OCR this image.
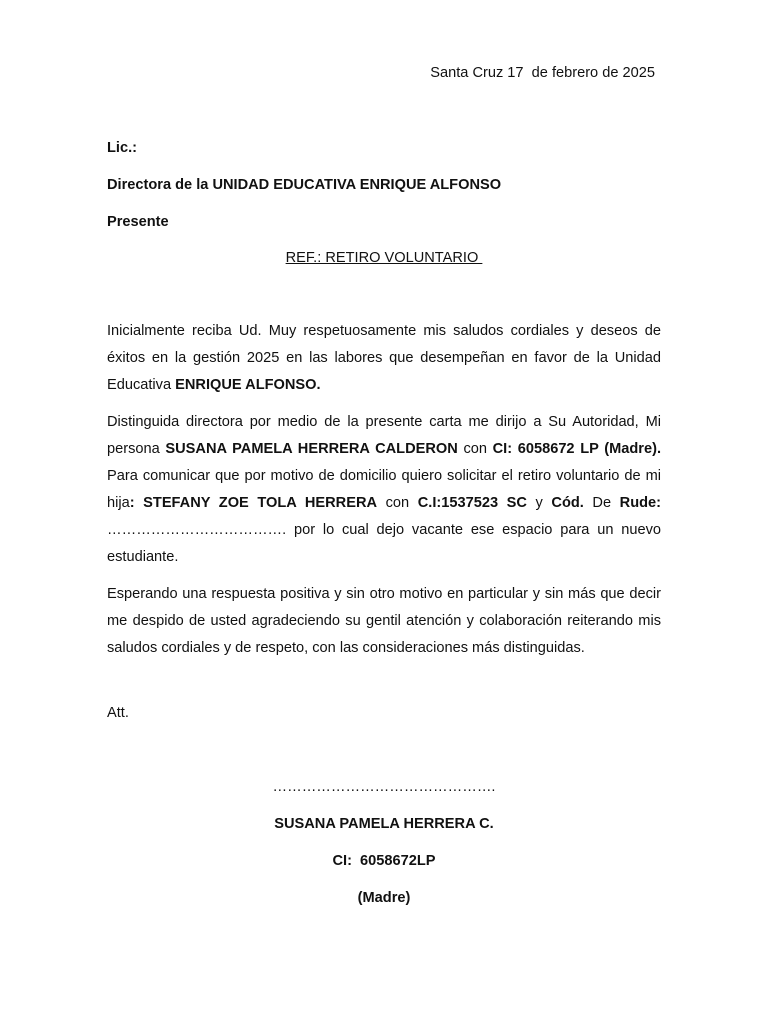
Santa Cruz 17  de febrero de 2025
Lic.:
Directora de la UNIDAD EDUCATIVA ENRIQUE ALFONSO
Presente
REF.: RETIRO VOLUNTARIO
Inicialmente reciba Ud. Muy respetuosamente mis saludos cordiales y deseos de éxitos en la gestión 2025 en las labores que desempeñan en favor de la Unidad Educativa ENRIQUE ALFONSO.
Distinguida directora por medio de la presente carta me dirijo a Su Autoridad, Mi persona SUSANA PAMELA HERRERA CALDERON con CI: 6058672 LP (Madre). Para comunicar que por motivo de domicilio quiero solicitar el retiro voluntario de mi hija: STEFANY ZOE TOLA HERRERA con C.I:1537523 SC y Cód. De Rude: ………………………………. por lo cual dejo vacante ese espacio para un nuevo estudiante.
Esperando una respuesta positiva y sin otro motivo en particular y sin más que decir me despido de usted agradeciendo su gentil atención y colaboración reiterando mis saludos cordiales y de respeto, con las consideraciones más distinguidas.
Att.
……………………………………….
SUSANA PAMELA HERRERA C.
CI:  6058672LP
(Madre)
